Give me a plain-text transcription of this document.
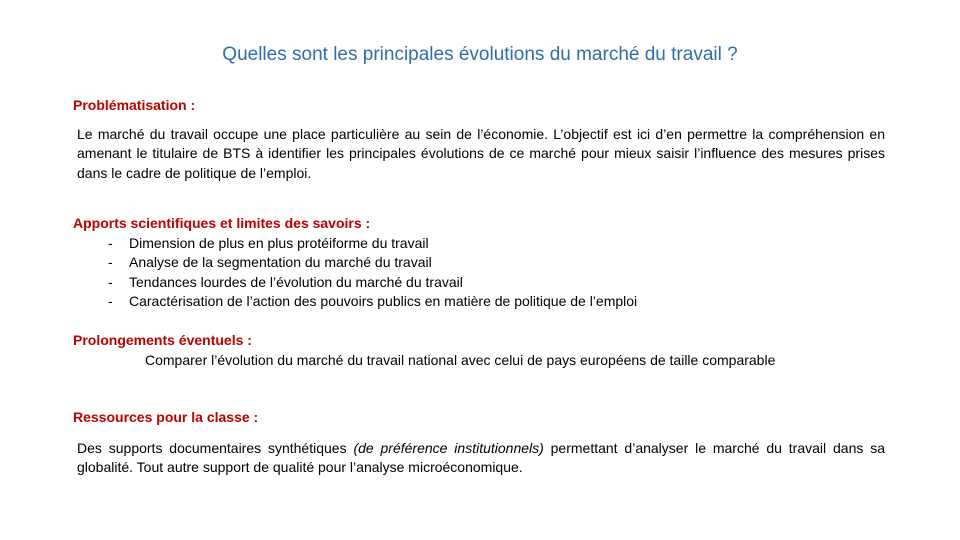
Quelles sont les principales évolutions du marché du travail ?
Problématisation :
Le marché du travail occupe une place particulière au sein de l’économie. L’objectif est ici d’en permettre la compréhension en amenant le titulaire de BTS à identifier les principales évolutions de ce marché pour mieux saisir l’influence des mesures prises dans le cadre de politique de l’emploi.
Apports scientifiques et limites des savoirs :
- Dimension de plus en plus protéiforme du travail
- Analyse de la segmentation du marché du travail
- Tendances lourdes de l’évolution du marché du travail
- Caractérisation de l’action des pouvoirs publics en matière de politique de l’emploi
Prolongements éventuels :
Comparer l’évolution du marché du travail national avec celui de pays européens de taille comparable
Ressources pour la classe :
Des supports documentaires synthétiques (de préférence institutionnels) permettant d’analyser le marché du travail dans sa globalité. Tout autre support de qualité pour l’analyse microéconomique.
